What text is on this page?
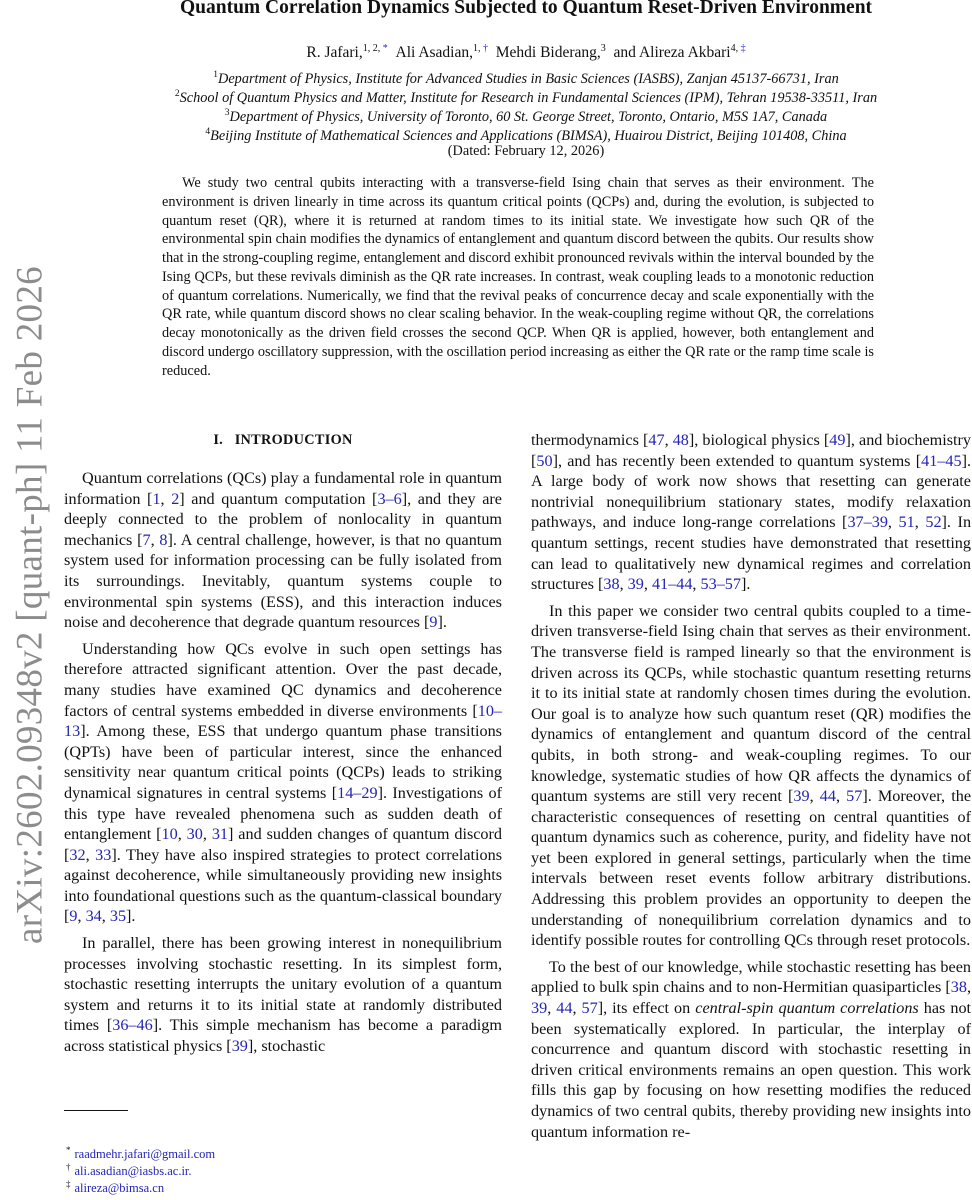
arXiv:2602.09348v2 [quant-ph] 11 Feb 2026
Quantum Correlation Dynamics Subjected to Quantum Reset-Driven Environment
R. Jafari,$^{1, 2, *}$ Ali Asadian,$^{1, \dagger}$ Mehdi Biderang,$^3$ and Alireza Akbari$^{4, \ddagger}$
$^1$Department of Physics, Institute for Advanced Studies in Basic Sciences (IASBS), Zanjan 45137-66731, Iran
$^2$School of Quantum Physics and Matter, Institute for Research in Fundamental Sciences (IPM), Tehran 19538-33511, Iran
$^3$Department of Physics, University of Toronto, 60 St. George Street, Toronto, Ontario, M5S 1A7, Canada
$^4$Beijing Institute of Mathematical Sciences and Applications (BIMSA), Huairou District, Beijing 101408, China
(Dated: February 12, 2026)
We study two central qubits interacting with a transverse-field Ising chain that serves as their environment. The environment is driven linearly in time across its quantum critical points (QCPs) and, during the evolution, is subjected to quantum reset (QR), where it is returned at random times to its initial state. We investigate how such QR of the environmental spin chain modifies the dynamics of entanglement and quantum discord between the qubits. Our results show that in the strong-coupling regime, entanglement and discord exhibit pronounced revivals within the interval bounded by the Ising QCPs, but these revivals diminish as the QR rate increases. In contrast, weak coupling leads to a monotonic reduction of quantum correlations. Numerically, we find that the revival peaks of concurrence decay and scale exponentially with the QR rate, while quantum discord shows no clear scaling behavior. In the weak-coupling regime without QR, the correlations decay monotonically as the driven field crosses the second QCP. When QR is applied, however, both entanglement and discord undergo oscillatory suppression, with the oscillation period increasing as either the QR rate or the ramp time scale is reduced.
I. INTRODUCTION

Quantum correlations (QCs) play a fundamental role in quantum information [1, 2] and quantum computation [3–6], and they are deeply connected to the problem of nonlocality in quantum mechanics [7, 8]. A central challenge, however, is that no quantum system used for information processing can be fully isolated from its surroundings. Inevitably, quantum systems couple to environmental spin systems (ESS), and this interaction induces noise and decoherence that degrade quantum resources [9].

Understanding how QCs evolve in such open settings has therefore attracted significant attention. Over the past decade, many studies have examined QC dynamics and decoherence factors of central systems embedded in diverse environments [10–13]. Among these, ESS that undergo quantum phase transitions (QPTs) have been of particular interest, since the enhanced sensitivity near quantum critical points (QCPs) leads to striking dynamical signatures in central systems [14–29]. Investigations of this type have revealed phenomena such as sudden death of entanglement [10, 30, 31] and sudden changes of quantum discord [32, 33]. They have also inspired strategies to protect correlations against decoherence, while simultaneously providing new insights into foundational questions such as the quantum-classical boundary [9, 34, 35].

In parallel, there has been growing interest in nonequilibrium processes involving stochastic resetting. In its simplest form, stochastic resetting interrupts the unitary evolution of a quantum system and returns it to its initial state at randomly distributed times [36–46]. This simple mechanism has become a paradigm across statistical physics [39], stochastic

thermodynamics [47, 48], biological physics [49], and biochemistry [50], and has recently been extended to quantum systems [41–45]. A large body of work now shows that resetting can generate nontrivial nonequilibrium stationary states, modify relaxation pathways, and induce long-range correlations [37–39, 51, 52]. In quantum settings, recent studies have demonstrated that resetting can lead to qualitatively new dynamical regimes and correlation structures [38, 39, 41–44, 53–57].

In this paper we consider two central qubits coupled to a time-driven transverse-field Ising chain that serves as their environment. The transverse field is ramped linearly so that the environment is driven across its QCPs, while stochastic quantum resetting returns it to its initial state at randomly chosen times during the evolution. Our goal is to analyze how such quantum reset (QR) modifies the dynamics of entanglement and quantum discord of the central qubits, in both strong- and weak-coupling regimes. To our knowledge, systematic studies of how QR affects the dynamics of quantum systems are still very recent [39, 44, 57]. Moreover, the characteristic consequences of resetting on central quantities of quantum dynamics such as coherence, purity, and fidelity have not yet been explored in general settings, particularly when the time intervals between reset events follow arbitrary distributions. Addressing this problem provides an opportunity to deepen the understanding of nonequilibrium correlation dynamics and to identify possible routes for controlling QCs through reset protocols.

To the best of our knowledge, while stochastic resetting has been applied to bulk spin chains and to non-Hermitian quasiparticles [38, 39, 44, 57], its effect on central-spin quantum correlations has not been systematically explored. In particular, the interplay of concurrence and quantum discord with stochastic resetting in driven critical environments remains an open question. This work fills this gap by focusing on how resetting modifies the reduced dynamics of two central qubits, thereby providing new insights into quantum information re-

* raadmehr.jafari@gmail.com
† ali.asadian@iasbs.ac.ir.
‡ alireza@bimsa.cn
